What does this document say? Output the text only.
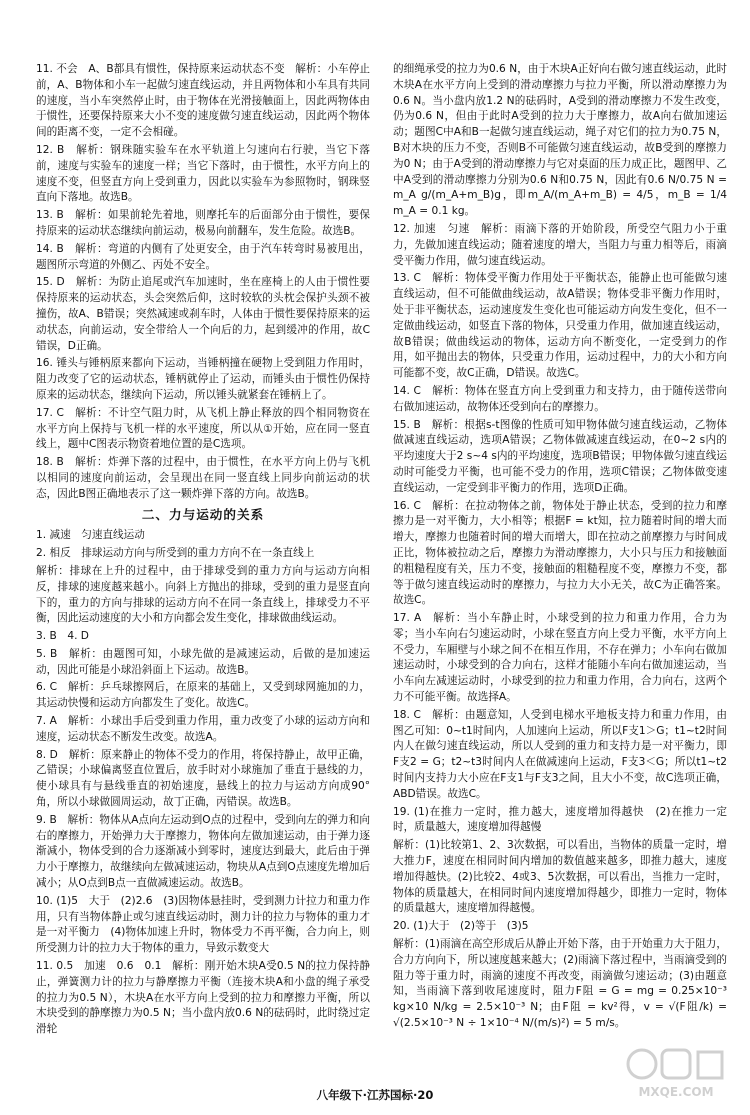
11. 不会　A、B都具有惯性，保持原来运动状态不变　解析：小车停止前，A、B物体和小车一起做匀速直线运动，并且两物体和小车具有共同的速度，当小车突然停止时，由于物体在光滑接触面上，因此两物体由于惯性，还要保持原来大小不变的速度做匀速直线运动，因此两个物体间的距离不变，一定不会相碰。

12. B　解析：钢珠随实验车在水平轨道上匀速向右行驶，当它下落前，速度与实验车的速度一样；当它下落时，由于惯性，水平方向上的速度不变，但竖直方向上受到重力，因此以实验车为参照物时，钢珠竖直向下落地。故选B。

13. B　解析：如果前轮先着地，则摩托车的后面部分由于惯性，要保持原来的运动状态继续向前运动，极易向前翻车，发生危险。故选B。

14. B　解析：弯道的内侧有了处更安全，由于汽车转弯时易被甩出，题图所示弯道的外侧乙、丙处不安全。

15. D　解析：为防止追尾或汽车加速时，坐在座椅上的人由于惯性要保持原来的运动状态，头会突然后仰，这时较软的头枕会保护头颈不被撞伤，故A、B错误；突然减速或刹车时，人体由于惯性要保持原来的运动状态，向前运动，安全带给人一个向后的力，起到缓冲的作用，故C错误，D正确。

16. 锤头与锤柄原来都向下运动，当锤柄撞在硬物上受到阻力作用时，阻力改变了它的运动状态，锤柄就停止了运动，而锤头由于惯性仍保持原来的运动状态，继续向下运动，所以锤头就紧套在锤柄上了。

17. C　解析：不计空气阻力时，从飞机上静止释放的四个相同物资在水平方向上保持与飞机一样的水平速度，所以从①开始，应在同一竖直线上，题中C图表示物资着地位置的是C选项。

18. B　解析：炸弹下落的过程中，由于惯性，在水平方向上仍与飞机以相同的速度向前运动，会呈现出在同一竖直线上同步向前运动的状态，因此B图正确地表示了这一颗炸弹下落的方向。故选B。

二、力与运动的关系

1. 减速　匀速直线运动

2. 相反　排球运动方向与所受到的重力方向不在一条直线上

解析：排球在上升的过程中，由于排球受到的重力方向与运动方向相反，排球的速度越来越小。向斜上方抛出的排球，受到的重力是竖直向下的，重力的方向与排球的运动方向不在同一条直线上，排球受力不平衡，因此运动速度的大小和方向都会发生变化，排球做曲线运动。

3. B　4. D

5. B　解析：由题图可知，小球先做的是减速运动，后做的是加速运动，因此可能是小球沿斜面上下运动。故选B。

6. C　解析：乒乓球擦网后，在原来的基础上，又受到球网施加的力，其运动快慢和运动方向都发生了变化。故选C。

7. A　解析：小球出手后受到重力作用，重力改变了小球的运动方向和速度，运动状态不断发生改变。故选A。

8. D　解析：原来静止的物体不受力的作用，将保持静止，故甲正确，乙错误；小球偏离竖直位置后，放手时对小球施加了垂直于悬线的力，使小球具有与悬线垂直的初始速度，悬线上的拉力与运动方向成90°角，所以小球做圆周运动，故丁正确，丙错误。故选B。

9. B　解析：物体从A点向左运动到O点的过程中，受到向左的弹力和向右的摩擦力，开始弹力大于摩擦力，物体向左做加速运动，由于弹力逐渐减小，物体受到的合力逐渐减小到零时，速度达到最大，此后由于弹力小于摩擦力，故继续向左做减速运动，物块从A点到O点速度先增加后减小；从O点到B点一直做减速运动。故选B。

10. (1)5　大于　(2)2.6　(3)因物体悬挂时，受到测力计拉力和重力作用，只有当物体静止或匀速直线运动时，测力计的拉力与物体的重力才是一对平衡力　(4)物体加速上升时，物体受力不再平衡，合力向上，则所受测力计的拉力大于物体的重力，导致示数变大

11. 0.5　加速　0.6　0.1　解析：刚开始木块A受0.5 N的拉力保持静止，弹簧测力计的拉力与静摩擦力平衡（连接木块A和小盘的绳子承受的拉力为0.5 N），木块A在水平方向上受到的拉力和摩擦力平衡，所以木块受到的静摩擦力为0.5 N；当小盘内放0.6 N的砝码时，此时绕过定滑轮

的细绳承受的拉力为0.6 N，由于木块A正好向右做匀速直线运动，此时木块A在水平方向上受到的滑动摩擦力与拉力平衡，所以滑动摩擦力为0.6 N。当小盘内放1.2 N的砝码时，A受到的滑动摩擦力不发生改变，仍为0.6 N，但由于此时A受到的拉力大于摩擦力，故A向右做加速运动；题图C中A和B一起做匀速直线运动，绳子对它们的拉力为0.75 N，B对木块的压力不变，否则B不可能做匀速直线运动，故B受到的摩擦力为0 N；由于A受到的滑动摩擦力与它对桌面的压力成正比，题图甲、乙中A受到的滑动摩擦力分别为0.6 N和0.75 N，因此有0.6 N/0.75 N = m_A g/(m_A+m_B)g，即m_A/(m_A+m_B) = 4/5，m_B = 1/4 m_A = 0.1 kg。

12. 加速　匀速　解析：雨滴下落的开始阶段，所受空气阻力小于重力，先做加速直线运动；随着速度的增大，当阻力与重力相等后，雨滴受平衡力作用，做匀速直线运动。

13. C　解析：物体受平衡力作用处于平衡状态，能静止也可能做匀速直线运动，但不可能做曲线运动，故A错误；物体受非平衡力作用时，处于非平衡状态，运动速度发生变化也可能运动方向发生变化，但不一定做曲线运动，如竖直下落的物体，只受重力作用，做加速直线运动，故B错误；做曲线运动的物体，运动方向不断变化，一定受到力的作用，如平抛出去的物体，只受重力作用，运动过程中，力的大小和方向可能都不变，故C正确，D错误。故选C。

14. C　解析：物体在竖直方向上受到重力和支持力，由于随传送带向右做加速运动，故物体还受到向右的摩擦力。

15. B　解析：根据s-t图像的性质可知甲物体做匀速直线运动，乙物体做减速直线运动，选项A错误；乙物体做减速直线运动，在0~2 s内的平均速度大于2 s~4 s内的平均速度，选项B错误；甲物体做匀速直线运动时可能受力平衡，也可能不受力的作用，选项C错误；乙物体做变速直线运动，一定受到非平衡力的作用，选项D正确。

16. C　解析：在拉动物体之前，物体处于静止状态，受到的拉力和摩擦力是一对平衡力，大小相等；根据F = kt知，拉力随着时间的增大而增大，摩擦力也随着时间的增大而增大，即在拉动之前摩擦力与时间成正比，物体被拉动之后，摩擦力为滑动摩擦力，大小只与压力和接触面的粗糙程度有关，压力不变，接触面的粗糙程度不变，摩擦力不变，都等于做匀速直线运动时的摩擦力，与拉力大小无关，故C为正确答案。故选C。

17. A　解析：当小车静止时，小球受到的拉力和重力作用，合力为零；当小车向右匀速运动时，小球在竖直方向上受力平衡，水平方向上不受力，车厢壁与小球之间不在相互作用，不存在弹力；小车向右做加速运动时，小球受到的合力向右，这样才能随小车向右做加速运动，当小车向左减速运动时，小球受到的拉力和重力作用，合力向右，这两个力不可能平衡。故选择A。

18. C　解析：由题意知，人受到电梯水平地板支持力和重力作用，由图乙可知：0~t1时间内，人加速向上运动，所以F支1＞G；t1~t2时间内人在做匀速直线运动，所以人受到的重力和支持力是一对平衡力，即F支2 = G；t2~t3时间内人在做减速向上运动，F支3＜G；所以t1~t2时间内支持力大小应在F支1与F支3之间，且大小不变，故C选项正确，ABD错误。故选C。

19. (1)在推力一定时，推力越大，速度增加得越快　(2)在推力一定时，质量越大，速度增加得越慢

解析：(1)比较第1、2、3次数据，可以看出，当物体的质量一定时，增大推力F，速度在相同时间内增加的数值越来越多，即推力越大，速度增加得越快。(2)比较2、4或3、5次数据，可以看出，当推力一定时，物体的质量越大，在相同时间内速度增加得越少，即推力一定时，物体的质量越大，速度增加得越慢。

20. (1)大于　(2)等于　(3)5

解析：(1)雨滴在高空形成后从静止开始下落，由于开始重力大于阻力，合力方向向下，所以速度越来越大；(2)雨滴下落过程中，当雨滴受到的阻力等于重力时，雨滴的速度不再改变，雨滴做匀速运动；(3)由题意知，当雨滴下落到收尾速度时，阻力F阻 = G = mg = 0.25×10⁻³ kg×10 N/kg = 2.5×10⁻³ N；由F阻 = kv²得，v = √(F阻/k) = √(2.5×10⁻³ N ÷ 1×10⁻⁴ N/(m/s)²) = 5 m/s。

八年级下·江苏国标·20	MXQE.COM
